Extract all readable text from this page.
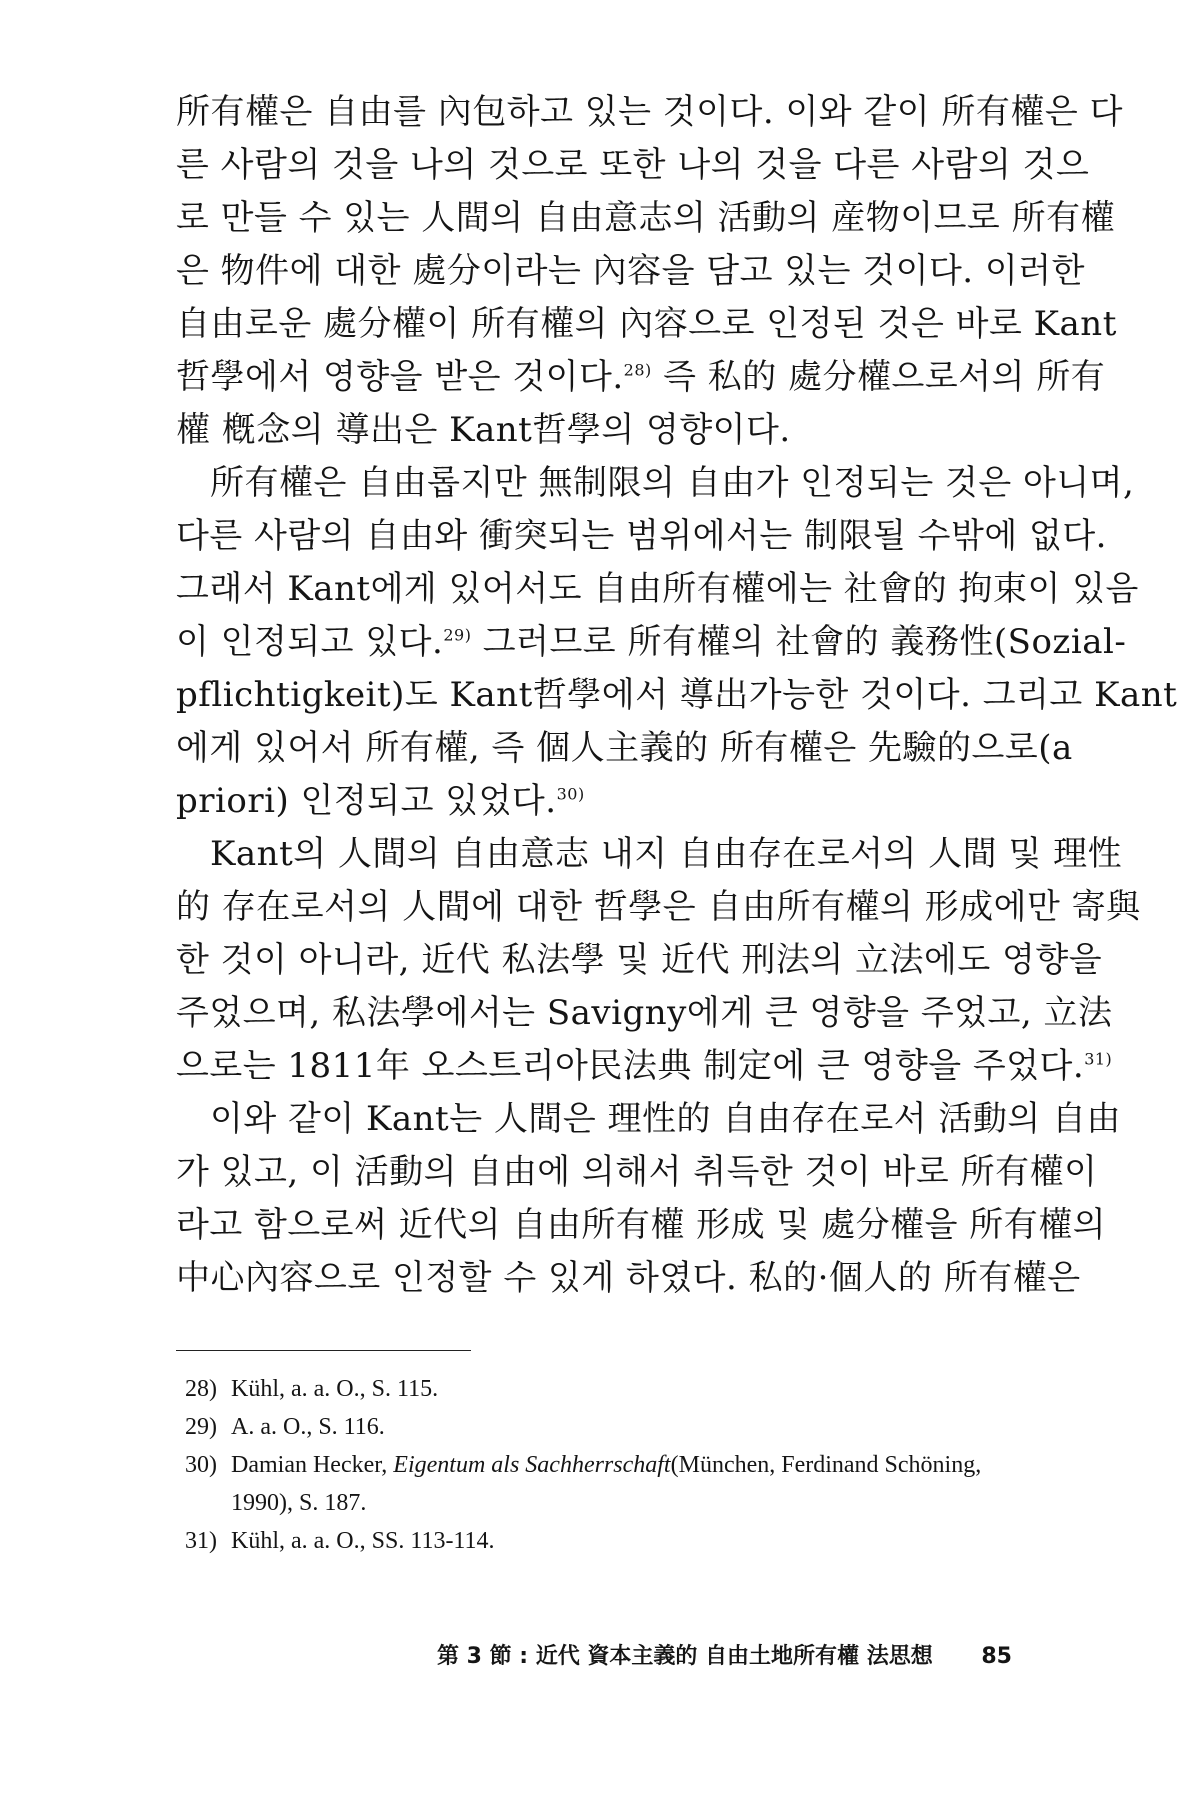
所有權은 自由를 內包하고 있는 것이다. 이와 같이 所有權은 다
른 사람의 것을 나의 것으로 또한 나의 것을 다른 사람의 것으
로 만들 수 있는 人間의 自由意志의 活動의 産物이므로 所有權
은 物件에 대한 處分이라는 內容을 담고 있는 것이다. 이러한
自由로운 處分權이 所有權의 內容으로 인정된 것은 바로 Kant
哲學에서 영향을 받은 것이다.$^{28)}$ 즉 私的 處分權으로서의 所有
權 槪念의 導出은 Kant哲學의 영향이다.
所有權은 自由롭지만 無制限의 自由가 인정되는 것은 아니며,
다른 사람의 自由와 衝突되는 범위에서는 制限될 수밖에 없다.
그래서 Kant에게 있어서도 自由所有權에는 社會的 拘束이 있음
이 인정되고 있다.$^{29)}$ 그러므로 所有權의 社會的 義務性(Sozial-
pflichtigkeit)도 Kant哲學에서 導出가능한 것이다. 그리고 Kant
에게 있어서 所有權, 즉 個人主義的 所有權은 先驗的으로(a
priori) 인정되고 있었다.$^{30)}$
Kant의 人間의 自由意志 내지 自由存在로서의 人間 및 理性
的 存在로서의 人間에 대한 哲學은 自由所有權의 形成에만 寄與
한 것이 아니라, 近代 私法學 및 近代 刑法의 立法에도 영향을
주었으며, 私法學에서는 Savigny에게 큰 영향을 주었고, 立法
으로는 1811年 오스트리아民法典 制定에 큰 영향을 주었다.$^{31)}$
이와 같이 Kant는 人間은 理性的 自由存在로서 活動의 自由
가 있고, 이 活動의 自由에 의해서 취득한 것이 바로 所有權이
라고 함으로써 近代의 自由所有權 形成 및 處分權을 所有權의
中心內容으로 인정할 수 있게 하였다. 私的·個人的 所有權은
28) Kühl, a. a. O., S. 115.
29) A. a. O., S. 116.
30) Damian Hecker, Eigentum als Sachherrschaft(München, Ferdinand Schöning,
1990), S. 187.
31) Kühl, a. a. O., SS. 113-114.
第 3 節 : 近代 資本主義的 自由土地所有權 法思想 85
